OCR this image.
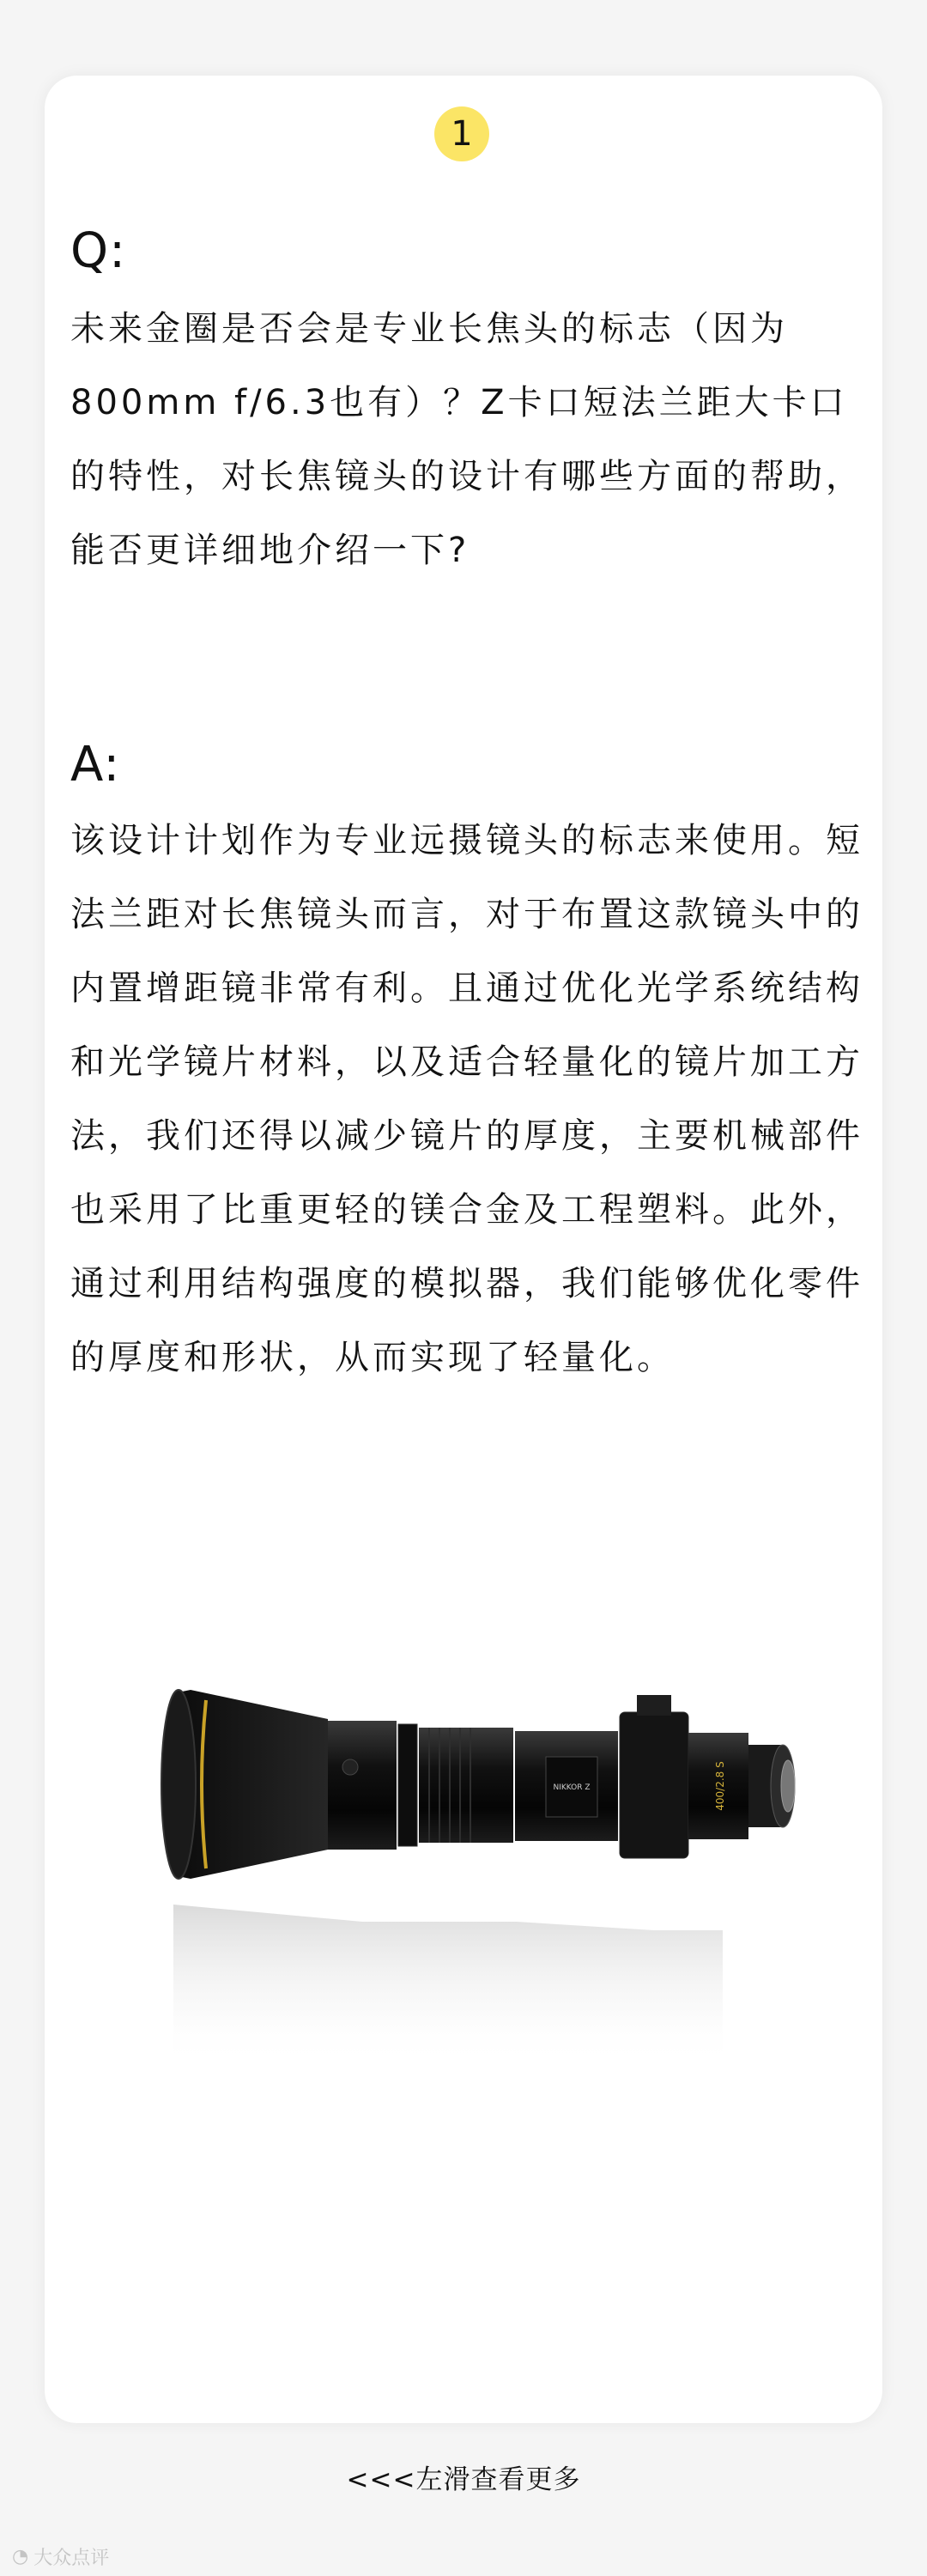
1
Q:
未来金圈是否会是专业长焦头的标志（因为800mm f/6.3也有）？Z卡口短法兰距大卡口的特性，对长焦镜头的设计有哪些方面的帮助，能否更详细地介绍一下?
A:
该设计计划作为专业远摄镜头的标志来使用。短法兰距对长焦镜头而言，对于布置这款镜头中的内置增距镜非常有利。且通过优化光学系统结构和光学镜片材料，以及适合轻量化的镜片加工方法，我们还得以减少镜片的厚度，主要机械部件也采用了比重更轻的镁合金及工程塑料。此外，通过利用结构强度的模拟器，我们能够优化零件的厚度和形状，从而实现了轻量化。
NIKKOR Z	400/2.8 S
<<<左滑查看更多
◔ 大众点评
